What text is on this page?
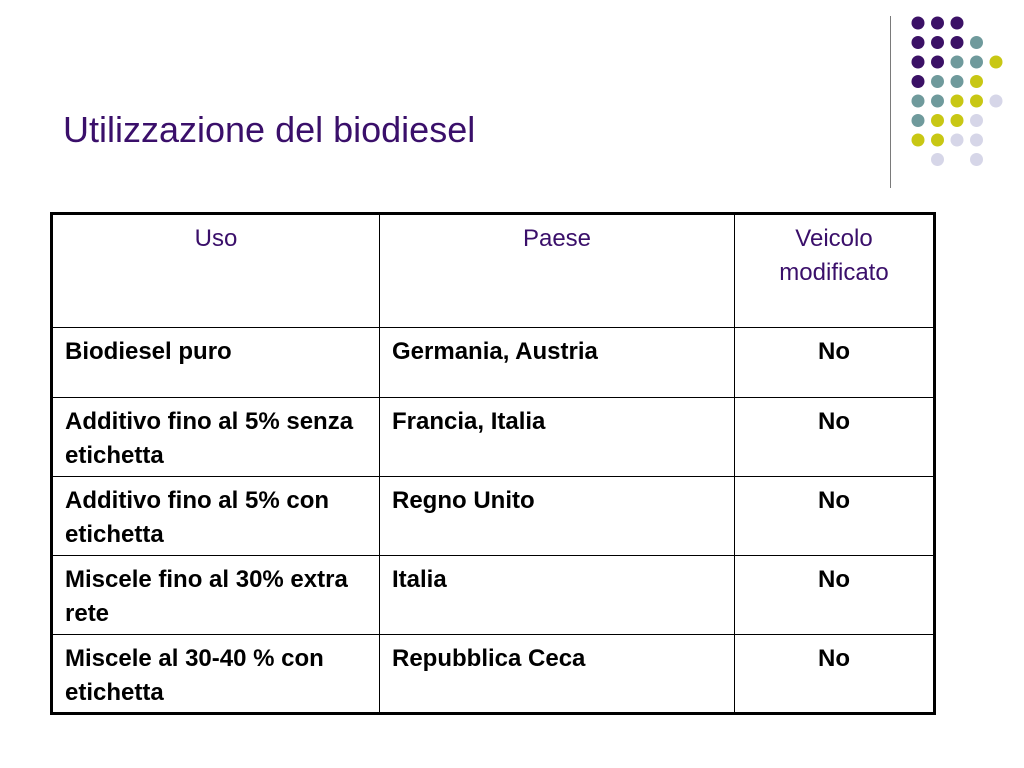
Utilizzazione del biodiesel
Uso	Paese	Veicolo modificato
Biodiesel puro	Germania, Austria	No
Additivo fino al 5% senza etichetta	Francia, Italia	No
Additivo fino al 5% con etichetta	Regno Unito	No
Miscele fino al 30% extra rete	Italia	No
Miscele al 30-40 % con etichetta	Repubblica Ceca	No
